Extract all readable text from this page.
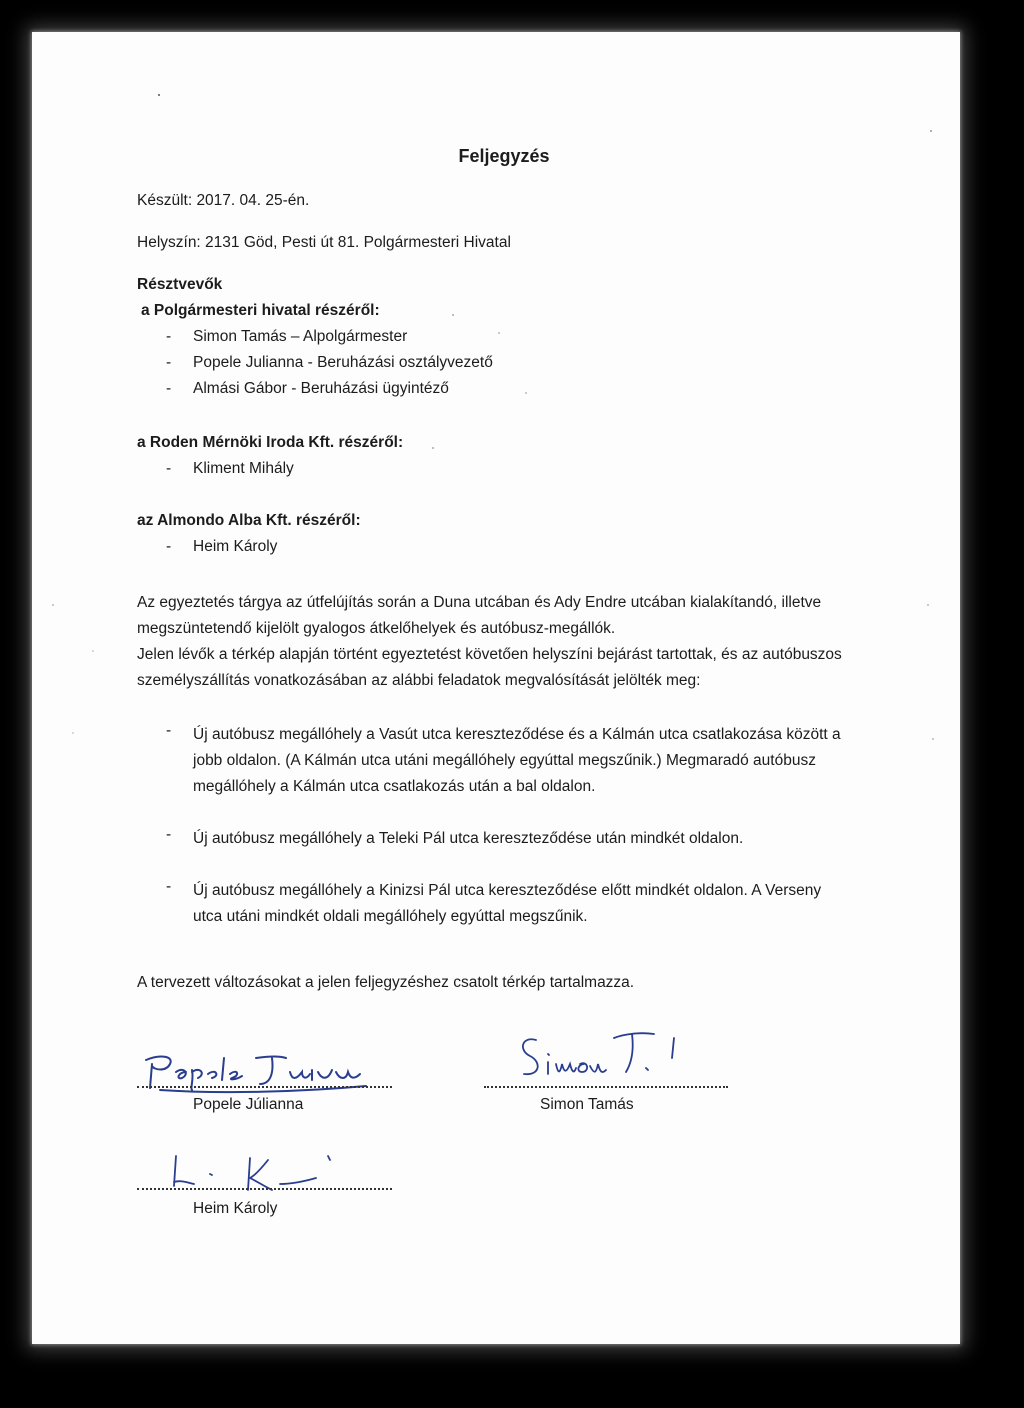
Feljegyzés
Készült: 2017. 04. 25-én.
Helyszín: 2131 Göd, Pesti út 81. Polgármesteri Hivatal
Résztvevők
a Polgármesteri hivatal részéről:
- Simon Tamás – Alpolgármester
- Popele Julianna - Beruházási osztályvezető
- Almási Gábor - Beruházási ügyintéző
a Roden Mérnöki Iroda Kft. részéről:
- Kliment Mihály
az Almondo Alba Kft. részéről:
- Heim Károly
Az egyeztetés tárgya az útfelújítás során a Duna utcában és Ady Endre utcában kialakítandó, illetve megszüntetendő kijelölt gyalogos átkelőhelyek és autóbusz-megállók.
Jelen lévők a térkép alapján történt egyeztetést követően helyszíni bejárást tartottak, és az autóbuszos személyszállítás vonatkozásában az alábbi feladatok megvalósítását jelölték meg:
- Új autóbusz megállóhely a Vasút utca kereszteződése és a Kálmán utca csatlakozása között a jobb oldalon. (A Kálmán utca utáni megállóhely egyúttal megszűnik.) Megmaradó autóbusz megállóhely a Kálmán utca csatlakozás után a bal oldalon.
- Új autóbusz megállóhely a Teleki Pál utca kereszteződése után mindkét oldalon.
- Új autóbusz megállóhely a Kinizsi Pál utca kereszteződése előtt mindkét oldalon. A Verseny utca utáni mindkét oldali megállóhely egyúttal megszűnik.
A tervezett változásokat a jelen feljegyzéshez csatolt térkép tartalmazza.
Popele Júlianna	Simon Tamás
Heim Károly
